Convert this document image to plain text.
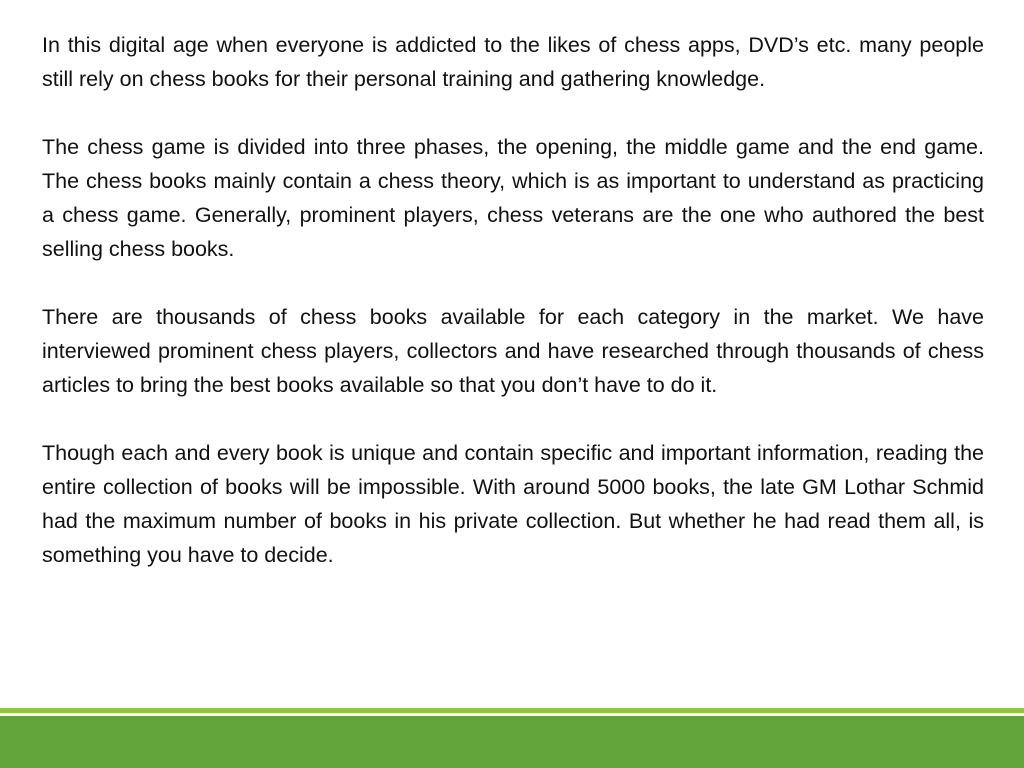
In this digital age when everyone is addicted to the likes of chess apps, DVD’s etc. many people still rely on chess books for their personal training and gathering knowledge.

The chess game is divided into three phases, the opening, the middle game and the end game. The chess books mainly contain a chess theory, which is as important to understand as practicing a chess game. Generally, prominent players, chess veterans are the one who authored the best selling chess books.

There are thousands of chess books available for each category in the market. We have interviewed prominent chess players, collectors and have researched through thousands of chess articles to bring the best books available so that you don’t have to do it.

Though each and every book is unique and contain specific and important information, reading the entire collection of books will be impossible. With around 5000 books, the late GM Lothar Schmid had the maximum number of books in his private collection. But whether he had read them all, is something you have to decide.
